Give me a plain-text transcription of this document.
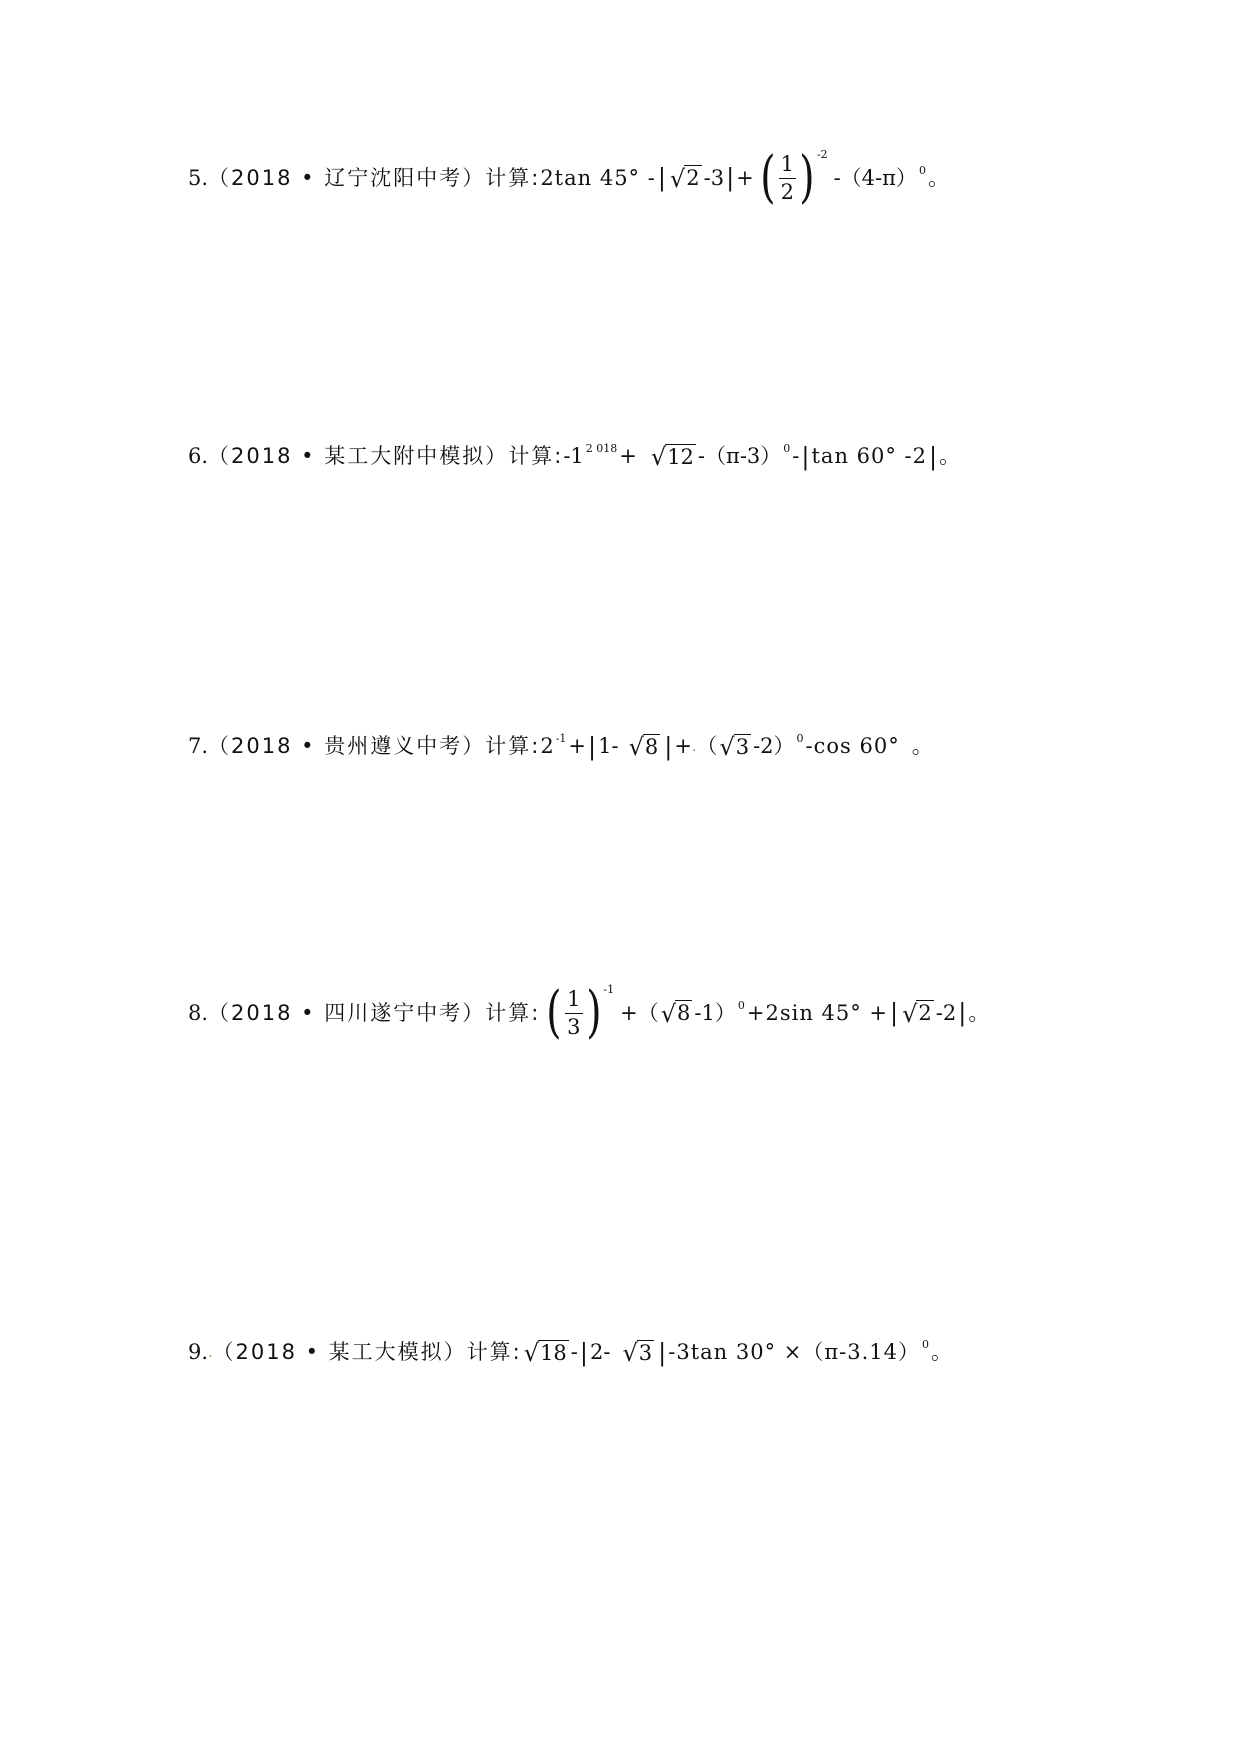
5. （2018 • 辽宁沈阳中考） 计算: 2tan 45° - | √ 2 -3 | + ( $\frac{1}{2}$ ) -2
-（4-π） 0 。
6. （2018 • 某工大附中模拟） 计算: -1 2 018 + √ 12 -（π-3） 0 - | tan 60° -2 | 。
7. （2018 • 贵州遵义中考） 计算: 2 -1 + | 1- √ 8 | + . （ √ 3 -2） 0 -cos 60° 。
8. （2018 • 四川遂宁中考） 计算: ( $\frac{1}{3}$ ) -1
+（ √ 8 -1） 0 +2sin 45° + | √ 2 -2 | 。
9. . （2018 • 某工大模拟） 计算: √ 18 - | 2- √ 3 | -3tan 30° ×（π-3.14） 0 。
